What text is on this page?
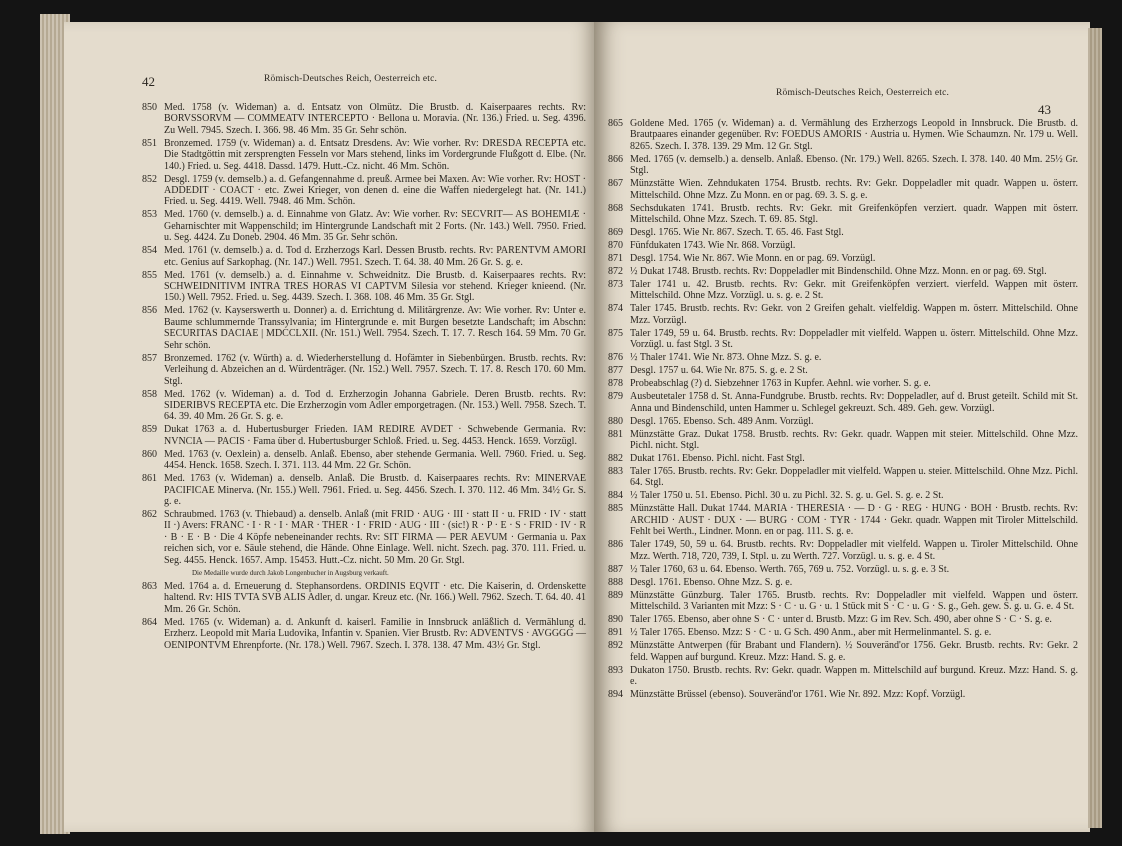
42	Römisch-Deutsches Reich, Oesterreich etc.
850 Med. 1758 (v. Wideman) a. d. Entsatz von Olmütz. Die Brustb. d. Kaiserpaares rechts. Rv: BORVSSORVM — COMMEATV INTERCEPTO · Bellona u. Moravia. (Nr. 136.) Fried. u. Seg. 4396. Zu Well. 7945. Szech. I. 366. 98. 46 Mm. 35 Gr. Sehr schön.
851 Bronzemed. 1759 (v. Wideman) a. d. Entsatz Dresdens. Av: Wie vorher. Rv: DRESDA RECEPTA etc. Die Stadtgöttin mit zersprengten Fesseln vor Mars stehend, links im Vordergrunde Flußgott d. Elbe. (Nr. 140.) Fried. u. Seg. 4418. Dassd. 1479. Hutt.-Cz. nicht. 46 Mm. Schön.
852 Desgl. 1759 (v. demselb.) a. d. Gefangennahme d. preuß. Armee bei Maxen. Av: Wie vorher. Rv: HOST · ADDEDIT · COACT · etc. Zwei Krieger, von denen d. eine die Waffen niedergelegt hat. (Nr. 141.) Fried. u. Seg. 4419. Well. 7948. 46 Mm. Schön.
853 Med. 1760 (v. demselb.) a. d. Einnahme von Glatz. Av: Wie vorher. Rv: SECVRIT— AS BOHEMIÆ · Geharnischter mit Wappenschild; im Hintergrunde Landschaft mit 2 Forts. (Nr. 143.) Well. 7950. Fried. u. Seg. 4424. Zu Doneb. 2904. 46 Mm. 35 Gr. Sehr schön.
854 Med. 1761 (v. demselb.) a. d. Tod d. Erzherzogs Karl. Dessen Brustb. rechts. Rv: PARENTVM AMORI etc. Genius auf Sarkophag. (Nr. 147.) Well. 7951. Szech. T. 64. 38. 40 Mm. 26 Gr. S. g. e.
855 Med. 1761 (v. demselb.) a. d. Einnahme v. Schweidnitz. Die Brustb. d. Kaiserpaares rechts. Rv: SCHWEIDNITIVM INTRA TRES HORAS VI CAPTVM Silesia vor stehend. Krieger knieend. (Nr. 150.) Well. 7952. Fried. u. Seg. 4439. Szech. I. 368. 108. 46 Mm. 35 Gr. Stgl.
856 Med. 1762 (v. Kayserswerth u. Donner) a. d. Errichtung d. Militärgrenze. Av: Wie vorher. Rv: Unter e. Baume schlummernde Transsylvania; im Hintergrunde e. mit Burgen besetzte Landschaft; im Abschn: SECURITAS DACIAE | MDCCLXII. (Nr. 151.) Well. 7954. Szech. T. 17. 7. Resch 164. 59 Mm. 70 Gr. Sehr schön.
857 Bronzemed. 1762 (v. Würth) a. d. Wiederherstellung d. Hofämter in Siebenbürgen. Brustb. rechts. Rv: Verleihung d. Abzeichen an d. Würdenträger. (Nr. 152.) Well. 7957. Szech. T. 17. 8. Resch 170. 60 Mm. Stgl.
858 Med. 1762 (v. Wideman) a. d. Tod d. Erzherzogin Johanna Gabriele. Deren Brustb. rechts. Rv: SIDERIBVS RECEPTA etc. Die Erzherzogin vom Adler emporgetragen. (Nr. 153.) Well. 7958. Szech. T. 64. 39. 40 Mm. 26 Gr. S. g. e.
859 Dukat 1763 a. d. Hubertusburger Frieden. IAM REDIRE AVDET · Schwebende Germania. Rv: NVNCIA — PACIS · Fama über d. Hubertusburger Schloß. Fried. u. Seg. 4453. Henck. 1659. Vorzügl.
860 Med. 1763 (v. Oexlein) a. denselb. Anlaß. Ebenso, aber stehende Germania. Well. 7960. Fried. u. Seg. 4454. Henck. 1658. Szech. I. 371. 113. 44 Mm. 22 Gr. Schön.
861 Med. 1763 (v. Wideman) a. denselb. Anlaß. Die Brustb. d. Kaiserpaares rechts. Rv: MINERVAE PACIFICAE Minerva. (Nr. 155.) Well. 7961. Fried. u. Seg. 4456. Szech. I. 370. 112. 46 Mm. 34½ Gr. S. g. e.
862 Schraubmed. 1763 (v. Thiebaud) a. denselb. Anlaß (mit FRID · AUG · III · statt II · u. FRID · IV · statt II ·) Avers: FRANC · I · R · I · MAR · THER · I · FRID · AUG · III · (sic!) R · P · E · S · FRID · IV · R · B · E · B · Die 4 Köpfe nebeneinander rechts. Rv: SIT FIRMA — PER AEVUM · Germania u. Pax reichen sich, vor e. Säule stehend, die Hände. Ohne Einlage. Well. nicht. Szech. pag. 370. 111. Fried. u. Seg. 4455. Henck. 1657. Amp. 15453. Hutt.-Cz. nicht. 50 Mm. 20 Gr. Stgl.
Die Medaille wurde durch Jakob Longenbucher in Augsburg verkauft.
863 Med. 1764 a. d. Erneuerung d. Stephansordens. ORDINIS EQVIT · etc. Die Kaiserin, d. Ordenskette haltend. Rv: HIS TVTA SVB ALIS Adler, d. ungar. Kreuz etc. (Nr. 166.) Well. 7962. Szech. T. 64. 40. 41 Mm. 26 Gr. Schön.
864 Med. 1765 (v. Wideman) a. d. Ankunft d. kaiserl. Familie in Innsbruck anläßlich d. Vermählung d. Erzherz. Leopold mit Maria Ludovika, Infantin v. Spanien. Vier Brustb. Rv: ADVENTVS · AVGGGG — OENIPONTVM Ehrenpforte. (Nr. 178.) Well. 7967. Szech. I. 378. 138. 47 Mm. 43½ Gr. Stgl.
Römisch-Deutsches Reich, Oesterreich etc.
43
865 Goldene Med. 1765 (v. Wideman) a. d. Vermählung des Erzherzogs Leopold in Innsbruck. Die Brustb. d. Brautpaares einander gegenüber. Rv: FOEDUS AMORIS · Austria u. Hymen. Wie Schaumzn. Nr. 179 u. Well. 8265. Szech. I. 378. 139. 29 Mm. 12 Gr. Stgl.
866 Med. 1765 (v. demselb.) a. denselb. Anlaß. Ebenso. (Nr. 179.) Well. 8265. Szech. I. 378. 140. 40 Mm. 25½ Gr. Stgl.
867 Münzstätte Wien. Zehndukaten 1754. Brustb. rechts. Rv: Gekr. Doppeladler mit quadr. Wappen u. österr. Mittelschild. Ohne Mzz. Zu Monn. en or pag. 69. 3. S. g. e.
868 Sechsdukaten 1741. Brustb. rechts. Rv: Gekr. mit Greifenköpfen verziert. quadr. Wappen mit österr. Mittelschild. Ohne Mzz. Szech. T. 69. 85. Stgl.
869 Desgl. 1765. Wie Nr. 867. Szech. T. 65. 46. Fast Stgl.
870 Fünfdukaten 1743. Wie Nr. 868. Vorzügl.
871 Desgl. 1754. Wie Nr. 867. Wie Monn. en or pag. 69. Vorzügl.
872 ½ Dukat 1748. Brustb. rechts. Rv: Doppeladler mit Bindenschild. Ohne Mzz. Monn. en or pag. 69. Stgl.
873 Taler 1741 u. 42. Brustb. rechts. Rv: Gekr. mit Greifenköpfen verziert. vierfeld. Wappen mit österr. Mittelschild. Ohne Mzz. Vorzügl. u. s. g. e. 2 St.
874 Taler 1745. Brustb. rechts. Rv: Gekr. von 2 Greifen gehalt. vielfeldig. Wappen m. österr. Mittelschild. Ohne Mzz. Vorzügl.
875 Taler 1749, 59 u. 64. Brustb. rechts. Rv: Doppeladler mit vielfeld. Wappen u. österr. Mittelschild. Ohne Mzz. Vorzügl. u. fast Stgl. 3 St.
876 ½ Thaler 1741. Wie Nr. 873. Ohne Mzz. S. g. e.
877 Desgl. 1757 u. 64. Wie Nr. 875. S. g. e. 2 St.
878 Probeabschlag (?) d. Siebzehner 1763 in Kupfer. Aehnl. wie vorher. S. g. e.
879 Ausbeutetaler 1758 d. St. Anna-Fundgrube. Brustb. rechts. Rv: Doppeladler, auf d. Brust geteilt. Schild mit St. Anna und Bindenschild, unten Hammer u. Schlegel gekreuzt. Sch. 489. Geh. gew. Vorzügl.
880 Desgl. 1765. Ebenso. Sch. 489 Anm. Vorzügl.
881 Münzstätte Graz. Dukat 1758. Brustb. rechts. Rv: Gekr. quadr. Wappen mit steier. Mittelschild. Ohne Mzz. Pichl. nicht. Stgl.
882 Dukat 1761. Ebenso. Pichl. nicht. Fast Stgl.
883 Taler 1765. Brustb. rechts. Rv: Gekr. Doppeladler mit vielfeld. Wappen u. steier. Mittelschild. Ohne Mzz. Pichl. 64. Stgl.
884 ½ Taler 1750 u. 51. Ebenso. Pichl. 30 u. zu Pichl. 32. S. g. u. Gel. S. g. e. 2 St.
885 Münzstätte Hall. Dukat 1744. MARIA · THERESIA · — D · G · REG · HUNG · BOH · Brustb. rechts. Rv: ARCHID · AUST · DUX · — BURG · COM · TYR · 1744 · Gekr. quadr. Wappen mit Tiroler Mittelschild. Fehlt bei Werth., Lindner. Monn. en or pag. 111. S. g. e.
886 Taler 1749, 50, 59 u. 64. Brustb. rechts. Rv: Doppeladler mit vielfeld. Wappen u. Tiroler Mittelschild. Ohne Mzz. Werth. 718, 720, 739, I. Stpl. u. zu Werth. 727. Vorzügl. u. s. g. e. 4 St.
887 ½ Taler 1760, 63 u. 64. Ebenso. Werth. 765, 769 u. 752. Vorzügl. u. s. g. e. 3 St.
888 Desgl. 1761. Ebenso. Ohne Mzz. S. g. e.
889 Münzstätte Günzburg. Taler 1765. Brustb. rechts. Rv: Doppeladler mit vielfeld. Wappen und österr. Mittelschild. 3 Varianten mit Mzz: S · C · u. G · u. 1 Stück mit S · C · u. G · S. g., Geh. gew. S. g. u. G. e. 4 St.
890 Taler 1765. Ebenso, aber ohne S · C · unter d. Brustb. Mzz: G im Rev. Sch. 490, aber ohne S · C · S. g. e.
891 ½ Taler 1765. Ebenso. Mzz: S · C · u. G Sch. 490 Anm., aber mit Hermelinmantel. S. g. e.
892 Münzstätte Antwerpen (für Brabant und Flandern). ½ Souveränd'or 1756. Gekr. Brustb. rechts. Rv: Gekr. 2 feld. Wappen auf burgund. Kreuz. Mzz: Hand. S. g. e.
893 Dukaton 1750. Brustb. rechts. Rv: Gekr. quadr. Wappen m. Mittelschild auf burgund. Kreuz. Mzz: Hand. S. g. e.
894 Münzstätte Brüssel (ebenso). Souveränd'or 1761. Wie Nr. 892. Mzz: Kopf. Vorzügl.
